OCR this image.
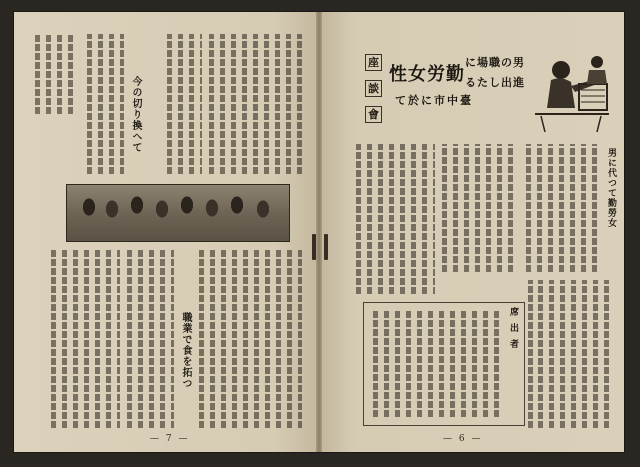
今の切り換へて
職業で食を拓つ
— 7 —
座
談
會
性女労勤
に場職の男
るたし出進
て於に市中臺
男に代つて勤勞女
席 出 者
— 6 —
